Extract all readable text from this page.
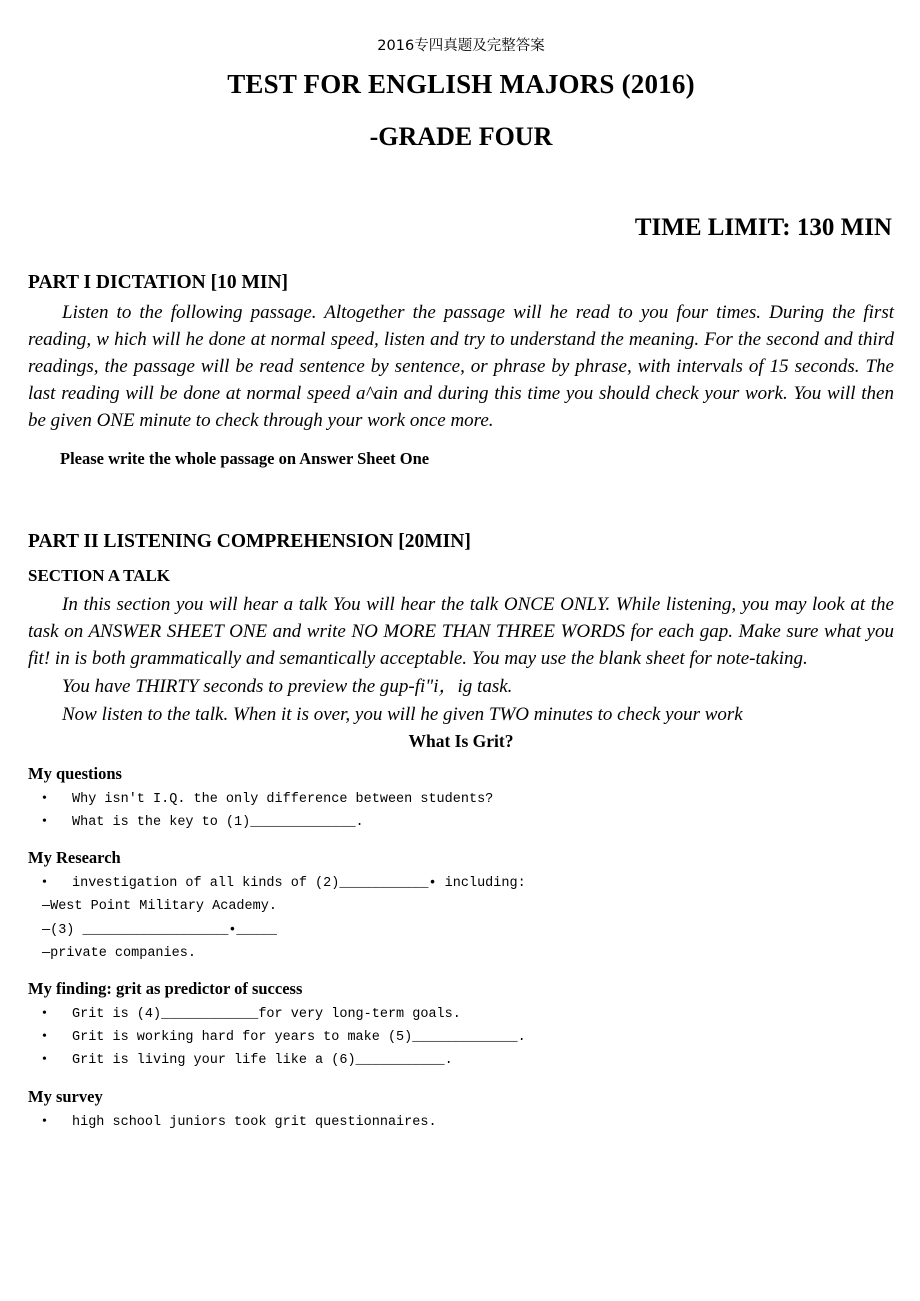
2016专四真题及完整答案
TEST FOR ENGLISH MAJORS (2016)
-GRADE FOUR
TIME LIMIT: 130 MIN
PART I DICTATION [10 MIN]

Listen to the following passage. Altogether the passage will he read to you four times. During the first reading, w hich will he done at normal speed, listen and try to understand the meaning. For the second and third readings, the passage will be read sentence by sentence, or phrase by phrase, with intervals of 15 seconds. The last reading will be done at normal speed a^ain and during this time you should check your work. You will then be given ONE minute to check through your work once more.

Please write the whole passage on Answer Sheet One
PART II LISTENING COMPREHENSION [20MIN]
SECTION A TALK

In this section you will hear a talk You will hear the talk ONCE ONLY. While listening, you may look at the task on ANSWER SHEET ONE and write NO MORE THAN THREE WORDS for each gap. Make sure what you fit! in is both grammatically and semantically acceptable. You may use the blank sheet for note-taking.

You have THIRTY seconds to preview the gup-fi"i，ig task.

Now listen to the talk. When it is over, you will he given TWO minutes to check your work

What Is Grit?
My questions
• Why isn't I.Q. the only difference between students?
• What is the key to (1)_____________.
My Research
• investigation of all kinds of (2)___________• including:
—West Point Military Academy.
—(3) __________________•_____
—private companies.
My finding: grit as predictor of success
• Grit is (4)____________for very long-term goals.
• Grit is working hard for years to make (5)_____________.
• Grit is living your life like a (6)___________.
My survey
• high school juniors took grit questionnaires.
